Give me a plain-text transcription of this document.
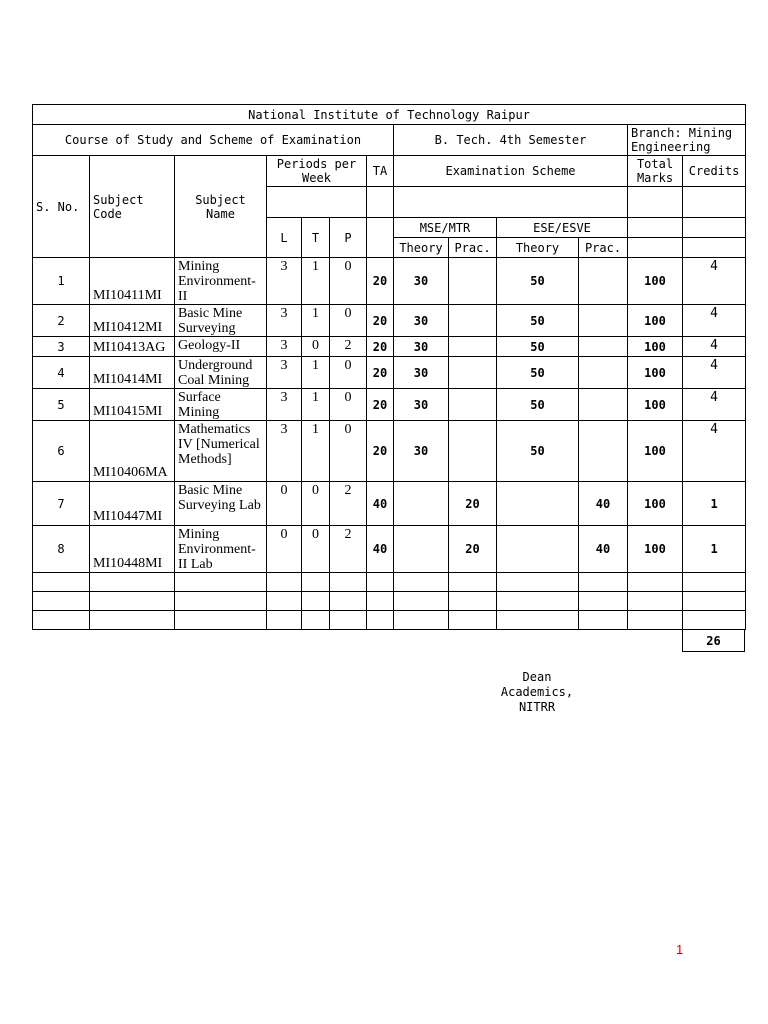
National Institute of Technology Raipur												
Course of Study and Scheme of Examination							B. Tech. 4th Semester				Branch: Mining Engineering	
S. No.	Subject Code	Subject Name	Periods per Week			TA	Examination Scheme				Total Marks	Credits

			L	T	P		MSE/MTR		ESE/ESVE			
							Theory	Prac.	Theory	Prac.		
1	MI10411MI	Mining Environment-II	3	1	0	20	30		50		100	4
2	MI10412MI	Basic Mine Surveying	3	1	0	20	30		50		100	4
3	MI10413AG	Geology-II	3	0	2	20	30		50		100	4
4	MI10414MI	Underground Coal Mining	3	1	0	20	30		50		100	4
5	MI10415MI	Surface Mining	3	1	0	20	30		50		100	4
6	MI10406MA	Mathematics IV [Numerical Methods]	3	1	0	20	30		50		100	4
7	MI10447MI	Basic Mine Surveying Lab	0	0	2	40		20		40	100	1
8	MI10448MI	Mining Environment-II Lab	0	0	2	40		20		40	100	1

26
Dean
Academics,
NITRR
1
